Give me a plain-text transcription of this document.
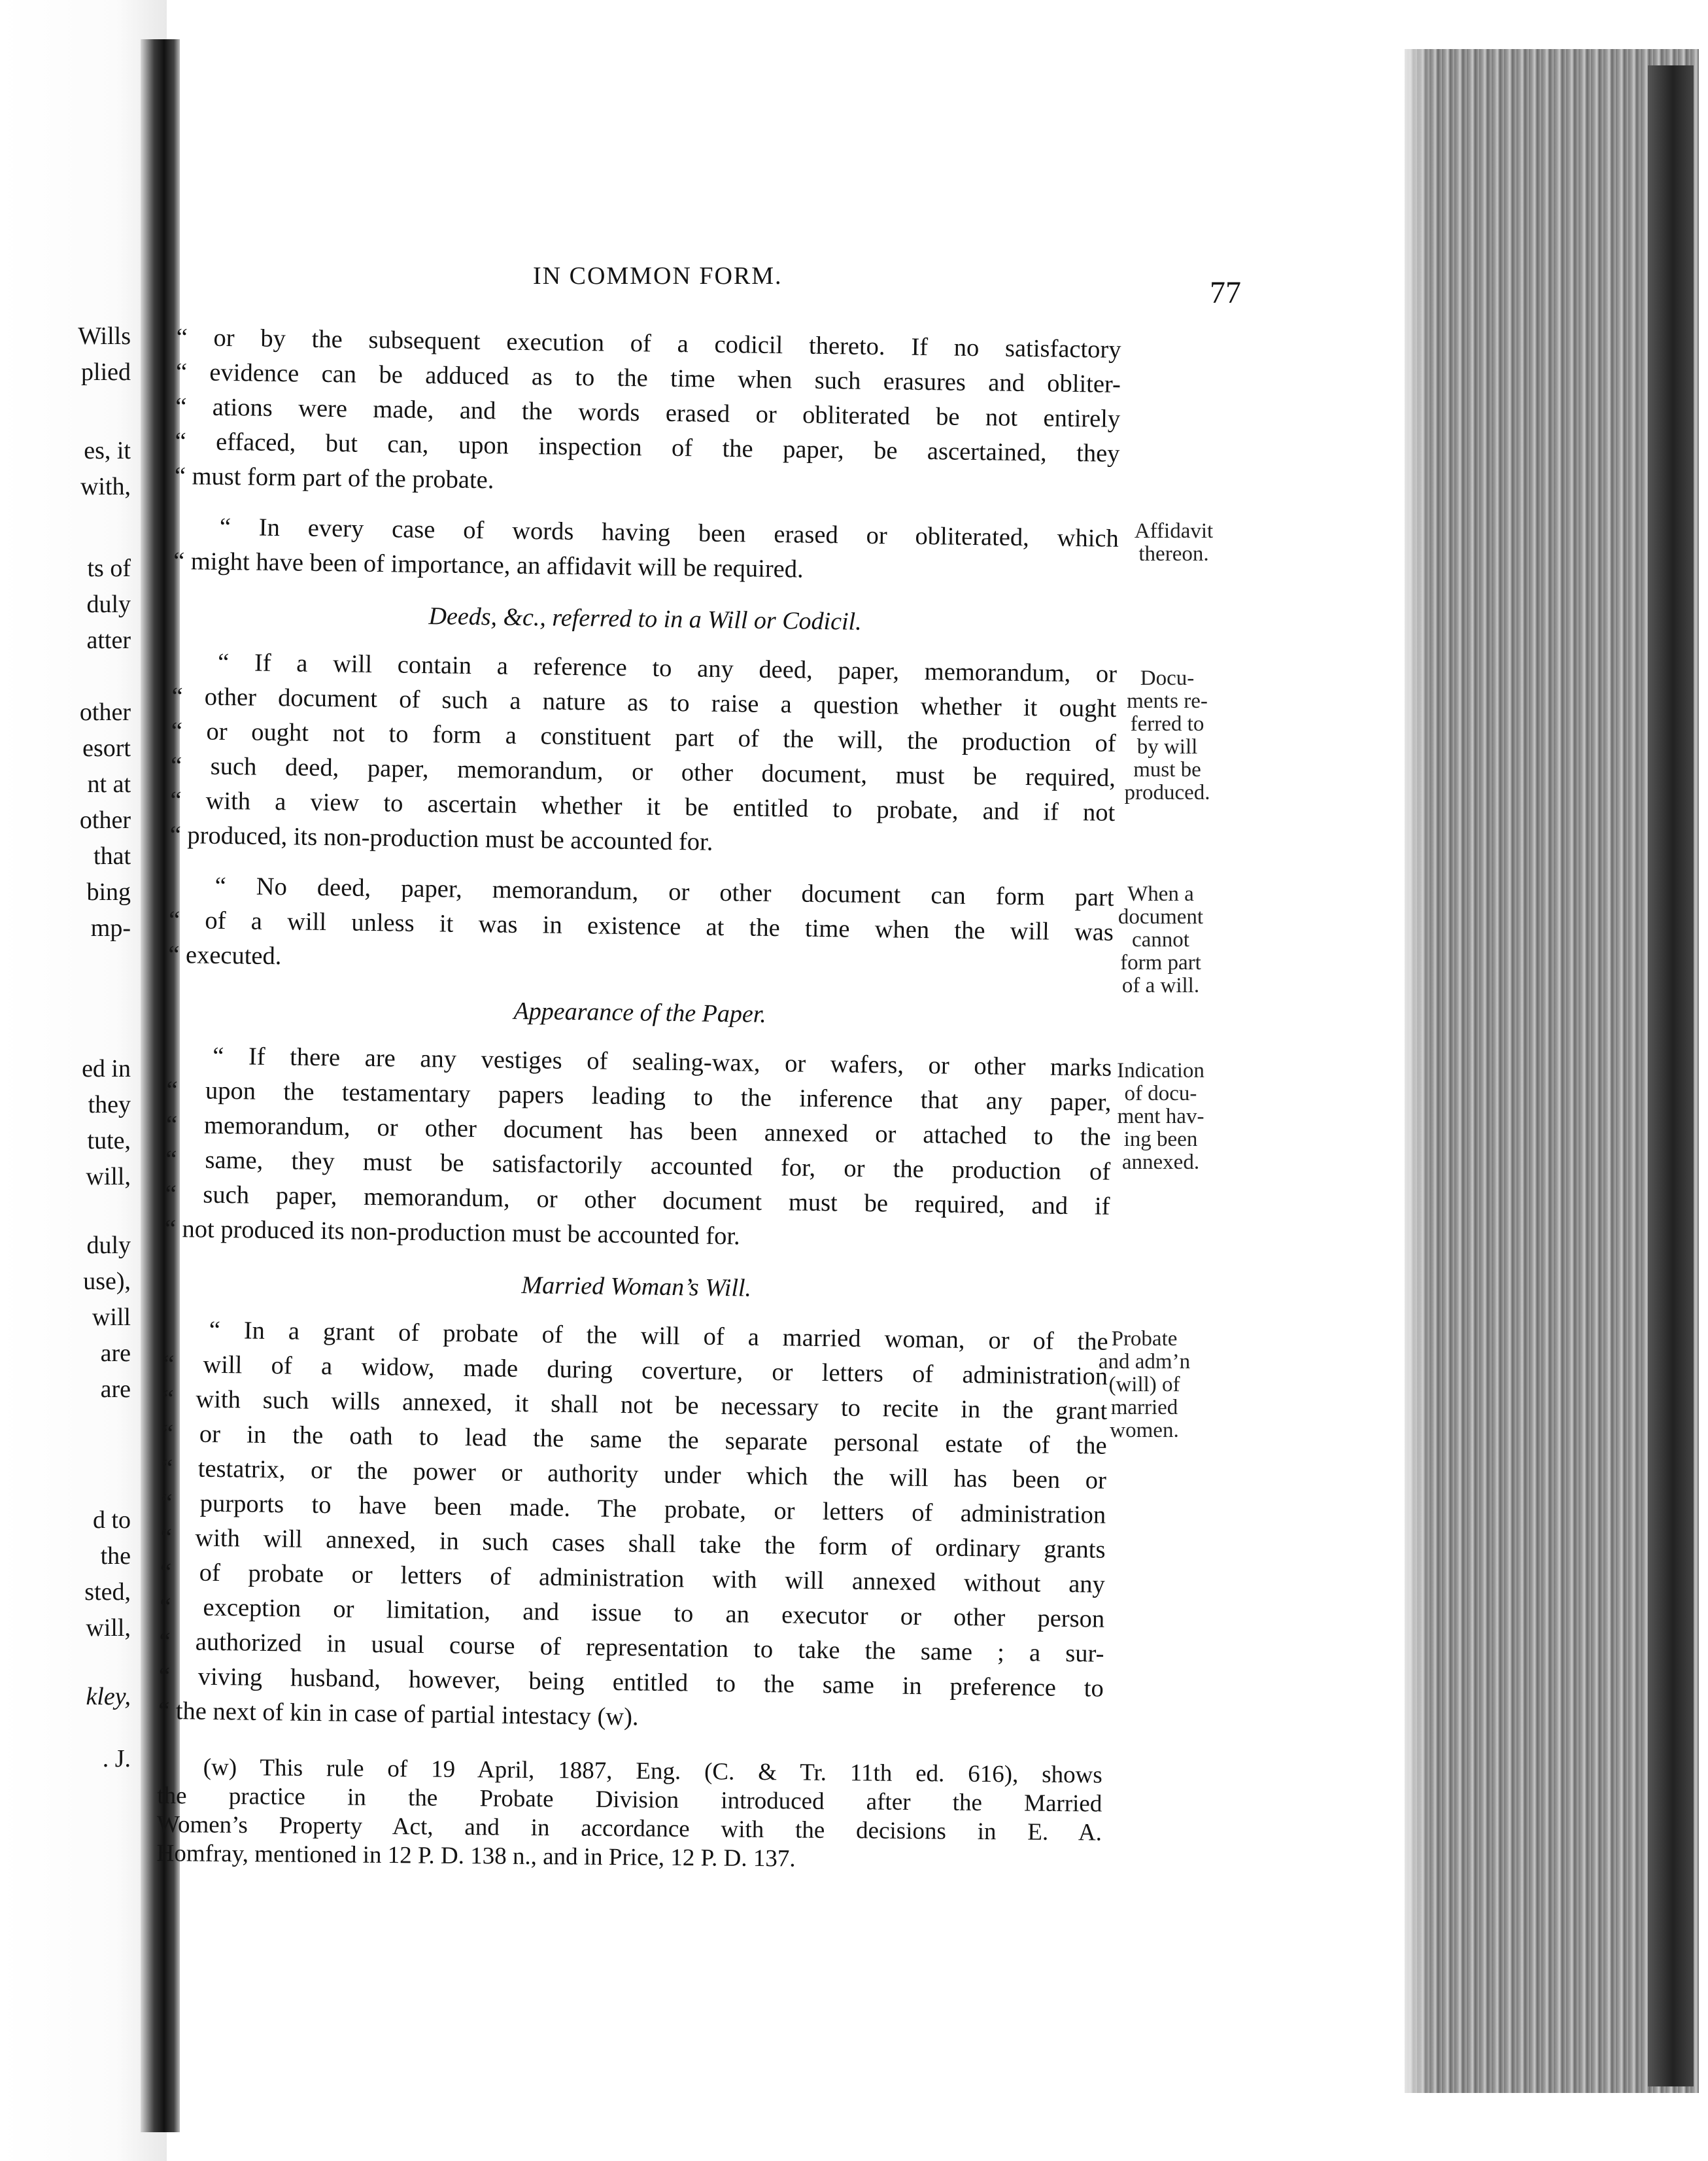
Wills
plied
es, it
with,
ts of
duly
atter
other
esort
nt at
other
that
bing
mp-
ed in
they
tute,
will,
duly
use),
will
are
are
d to
the
sted,
will,
kley,
. J.
IN COMMON FORM.	77
“ or by the subsequent execution of a codicil thereto. If no satisfactory
“ evidence can be adduced as to the time when such erasures and obliter-
“ ations were made, and the words erased or obliterated be not entirely
“ effaced, but can, upon inspection of the paper, be ascertained, they
“ must form part of the probate.
“ In every case of words having been erased or obliterated, which
“ might have been of importance, an affidavit will be required.
Deeds, &c., referred to in a Will or Codicil.
“ If a will contain a reference to any deed, paper, memorandum, or
“ other document of such a nature as to raise a question whether it ought
“ or ought not to form a constituent part of the will, the production of
“ such deed, paper, memorandum, or other document, must be required,
“ with a view to ascertain whether it be entitled to probate, and if not
“ produced, its non-production must be accounted for.
“ No deed, paper, memorandum, or other document can form part
“ of a will unless it was in existence at the time when the will was
“ executed.
Appearance of the Paper.
“ If there are any vestiges of sealing-wax, or wafers, or other marks
“ upon the testamentary papers leading to the inference that any paper,
“ memorandum, or other document has been annexed or attached to the
“ same, they must be satisfactorily accounted for, or the production of
“ such paper, memorandum, or other document must be required, and if
“ not produced its non-production must be accounted for.
Married Woman’s Will.
“ In a grant of probate of the will of a married woman, or of the
“ will of a widow, made during coverture, or letters of administration
“ with such wills annexed, it shall not be necessary to recite in the grant
“ or in the oath to lead the same the separate personal estate of the
“ testatrix, or the power or authority under which the will has been or
“ purports to have been made. The probate, or letters of administration
“ with will annexed, in such cases shall take the form of ordinary grants
“ of probate or letters of administration with will annexed without any
“ exception or limitation, and issue to an executor or other person
“ authorized in usual course of representation to take the same ; a sur-
“ viving husband, however, being entitled to the same in preference to
“ the next of kin in case of partial intestacy (w).
(w) This rule of 19 April, 1887, Eng. (C. & Tr. 11th ed. 616), shows
the practice in the Probate Division introduced after the Married
Women’s Property Act, and in accordance with the decisions in E. A.
Homfray, mentioned in 12 P. D. 138 n., and in Price, 12 P. D. 137.
Affidavit
thereon.
Docu-
ments re-
ferred to
by will
must be
produced.
When a
document
cannot
form part
of a will.
Indication
of docu-
ment hav-
ing been
annexed.
Probate
and adm’n
(will) of
married
women.
